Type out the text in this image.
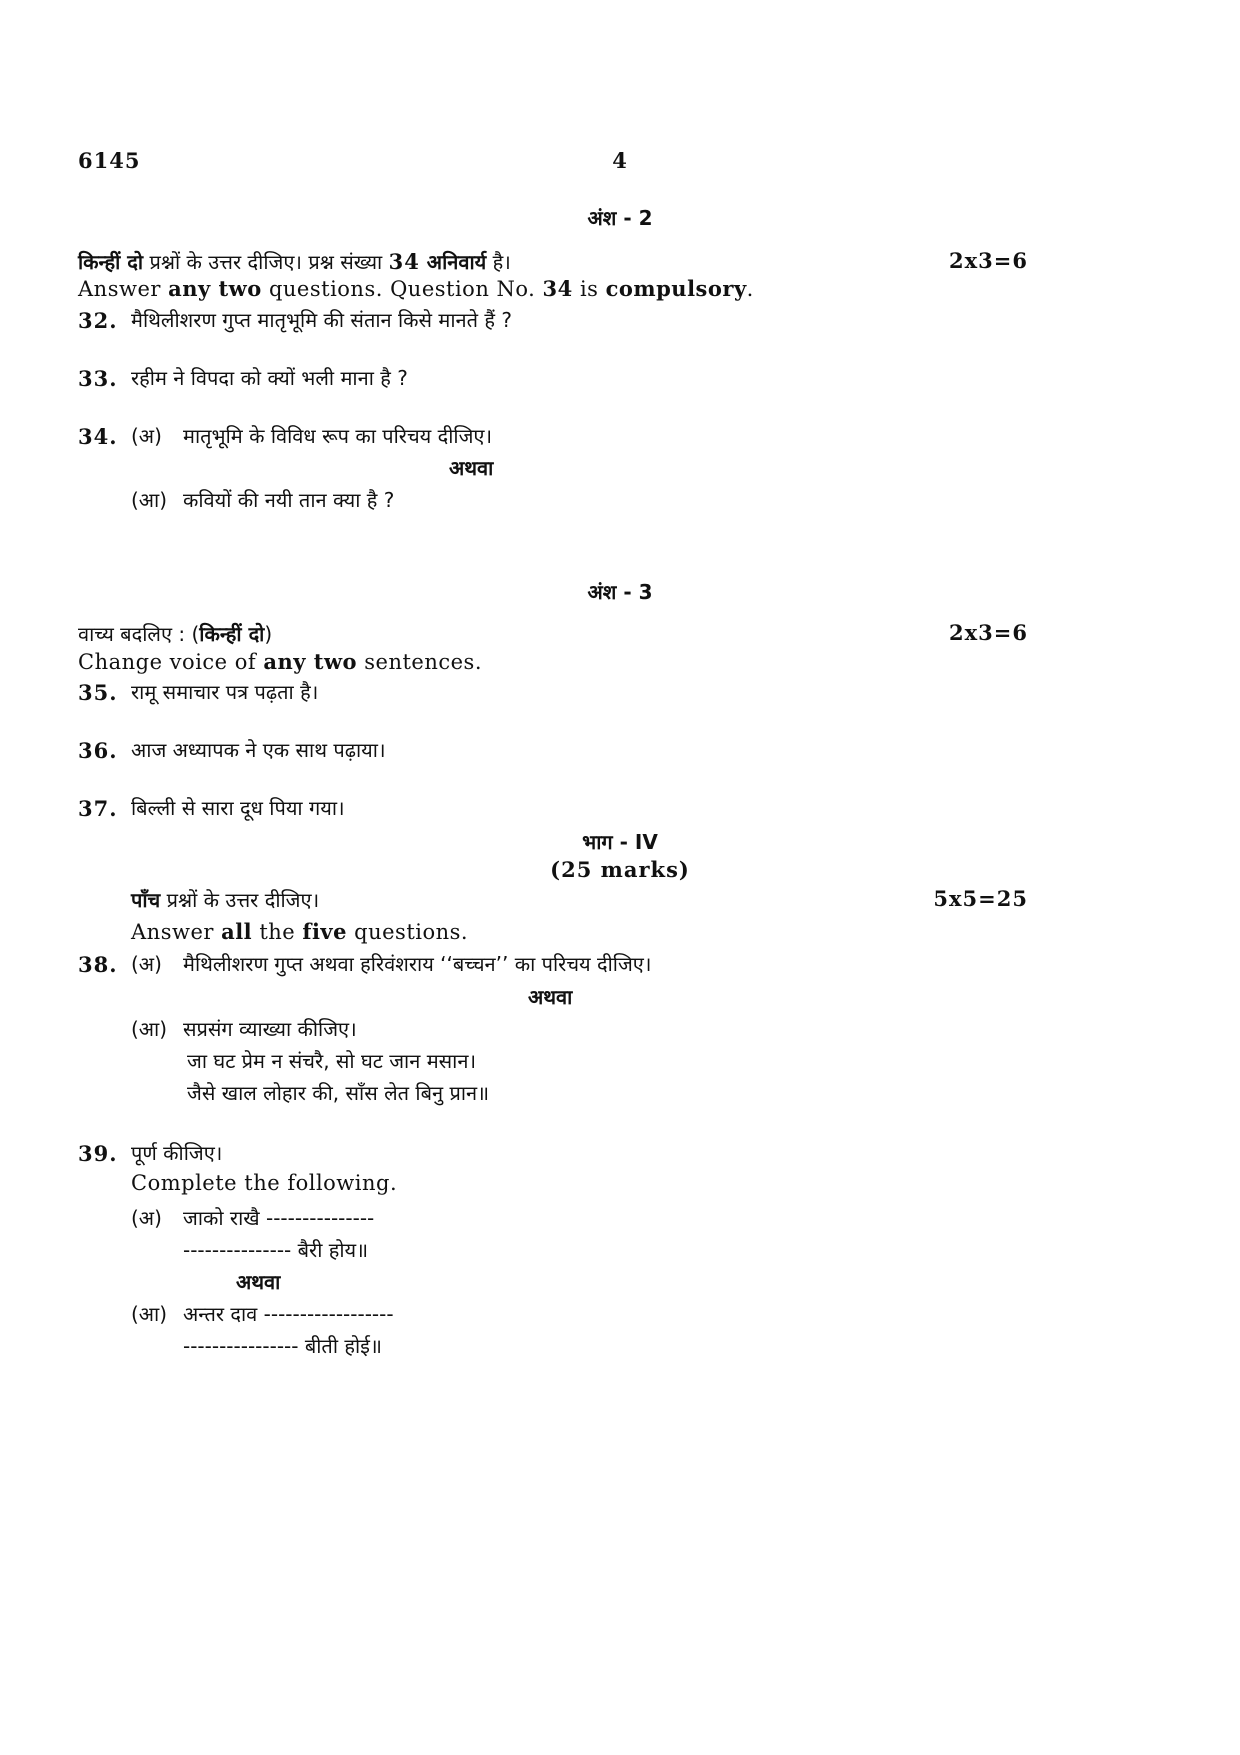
6145	4
अंश - 2
किन्हीं दो प्रश्नों के उत्तर दीजिए। प्रश्न संख्या 34 अनिवार्य है।	2x3=6
Answer any two questions. Question No. 34 is compulsory.
32. मैथिलीशरण गुप्त मातृभूमि की संतान किसे मानते हैं ?
33. रहीम ने विपदा को क्यों भली माना है ?
34. (अ) मातृभूमि के विविध रूप का परिचय दीजिए।
अथवा
(आ) कवियों की नयी तान क्या है ?
अंश - 3
वाच्य बदलिए : (किन्हीं दो)	2x3=6
Change voice of any two sentences.
35. रामू समाचार पत्र पढ़ता है।
36. आज अध्यापक ने एक साथ पढ़ाया।
37. बिल्ली से सारा दूध पिया गया।
भाग - IV
(25 marks)
पाँच प्रश्नों के उत्तर दीजिए।	5x5=25
Answer all the five questions.
38. (अ) मैथिलीशरण गुप्त अथवा हरिवंशराय ‘‘बच्चन’’ का परिचय दीजिए।
अथवा
(आ) सप्रसंग व्याख्या कीजिए।
जा घट प्रेम न संचरै, सो घट जान मसान।
जैसे खाल लोहार की, साँस लेत बिनु प्रान॥
39. पूर्ण कीजिए।
Complete the following.
(अ) जाको राखै ---------------
--------------- बैरी होय॥
अथवा
(आ) अन्तर दाव ------------------
---------------- बीती होई॥
